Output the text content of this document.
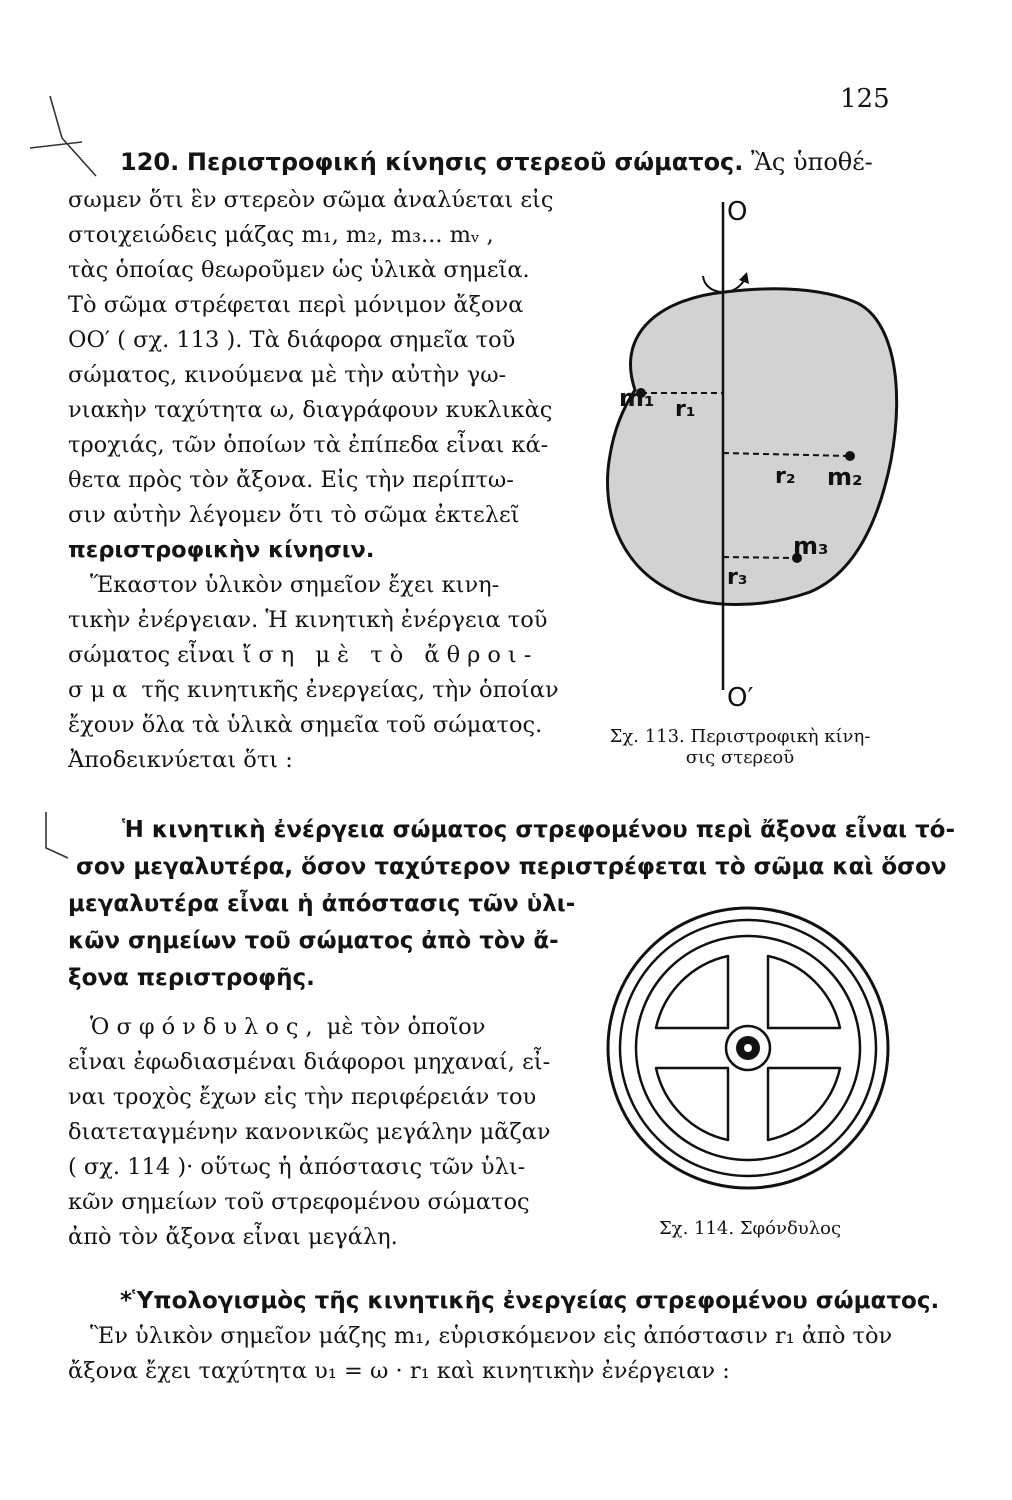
125
120. Περιστροφική κίνησις στερεοῦ σώματος. Ἂς ὑποθέ-
σωμεν ὅτι ἓν στερεὸν σῶμα ἀναλύεται εἰς
στοιχειώδεις μάζας m₁, m₂, m₃... mᵥ ,
τὰς ὁποίας θεωροῦμεν ὡς ὑλικὰ σημεῖα.
Τὸ σῶμα στρέφεται περὶ μόνιμον ἄξονα
ΟΟ′ ( σχ. 113 ). Τὰ διάφορα σημεῖα τοῦ
σώματος, κινούμενα μὲ τὴν αὐτὴν γω-
νιακὴν ταχύτητα ω, διαγράφουν κυκλικὰς
τροχιάς, τῶν ὁποίων τὰ ἐπίπεδα εἶναι κά-
θετα πρὸς τὸν ἄξονα. Εἰς τὴν περίπτω-
σιν αὐτὴν λέγομεν ὅτι τὸ σῶμα ἐκτελεῖ
περιστροφικὴν κίνησιν.
Ἕκαστον ὑλικὸν σημεῖον ἔχει κινη-
τικὴν ἐνέργειαν. Ἡ κινητικὴ ἐνέργεια τοῦ
σώματος εἶναι ἴση μὲ τὸ ἄθροι-
σμα τῆς κινητικῆς ἐνεργείας, τὴν ὁποίαν
ἔχουν ὅλα τὰ ὑλικὰ σημεῖα τοῦ σώματος.
Ἀποδεικνύεται ὅτι :
O
O′
m₁ r₁
r₂ m₂
m₃
r₃
Σχ. 113. Περιστροφικὴ κίνη-
σις στερεοῦ
Ἡ κινητικὴ ἐνέργεια σώματος στρεφομένου περὶ ἄξονα εἶναι τό-
σον μεγαλυτέρα, ὅσον ταχύτερον περιστρέφεται τὸ σῶμα καὶ ὅσον
μεγαλυτέρα εἶναι ἡ ἀπόστασις τῶν ὑλι-
κῶν σημείων τοῦ σώματος ἀπὸ τὸν ἄ-
ξονα περιστροφῆς.
Ὁ σφόνδυλος, μὲ τὸν ὁποῖον
εἶναι ἐφωδιασμέναι διάφοροι μηχαναί, εἶ-
ναι τροχὸς ἔχων εἰς τὴν περιφέρειάν του
διατεταγμένην κανονικῶς μεγάλην μᾶζαν
( σχ. 114 )· οὕτως ἡ ἀπόστασις τῶν ὑλι-
κῶν σημείων τοῦ στρεφομένου σώματος
ἀπὸ τὸν ἄξονα εἶναι μεγάλη.	Σχ. 114. Σφόνδυλος
*Ὑπολογισμὸς τῆς κινητικῆς ἐνεργείας στρεφομένου σώματος.
Ἓν ὑλικὸν σημεῖον μάζης m₁, εὑρισκόμενον εἰς ἀπόστασιν r₁ ἀπὸ τὸν
ἄξονα ἔχει ταχύτητα υ₁ = ω · r₁ καὶ κινητικὴν ἐνέργειαν :
